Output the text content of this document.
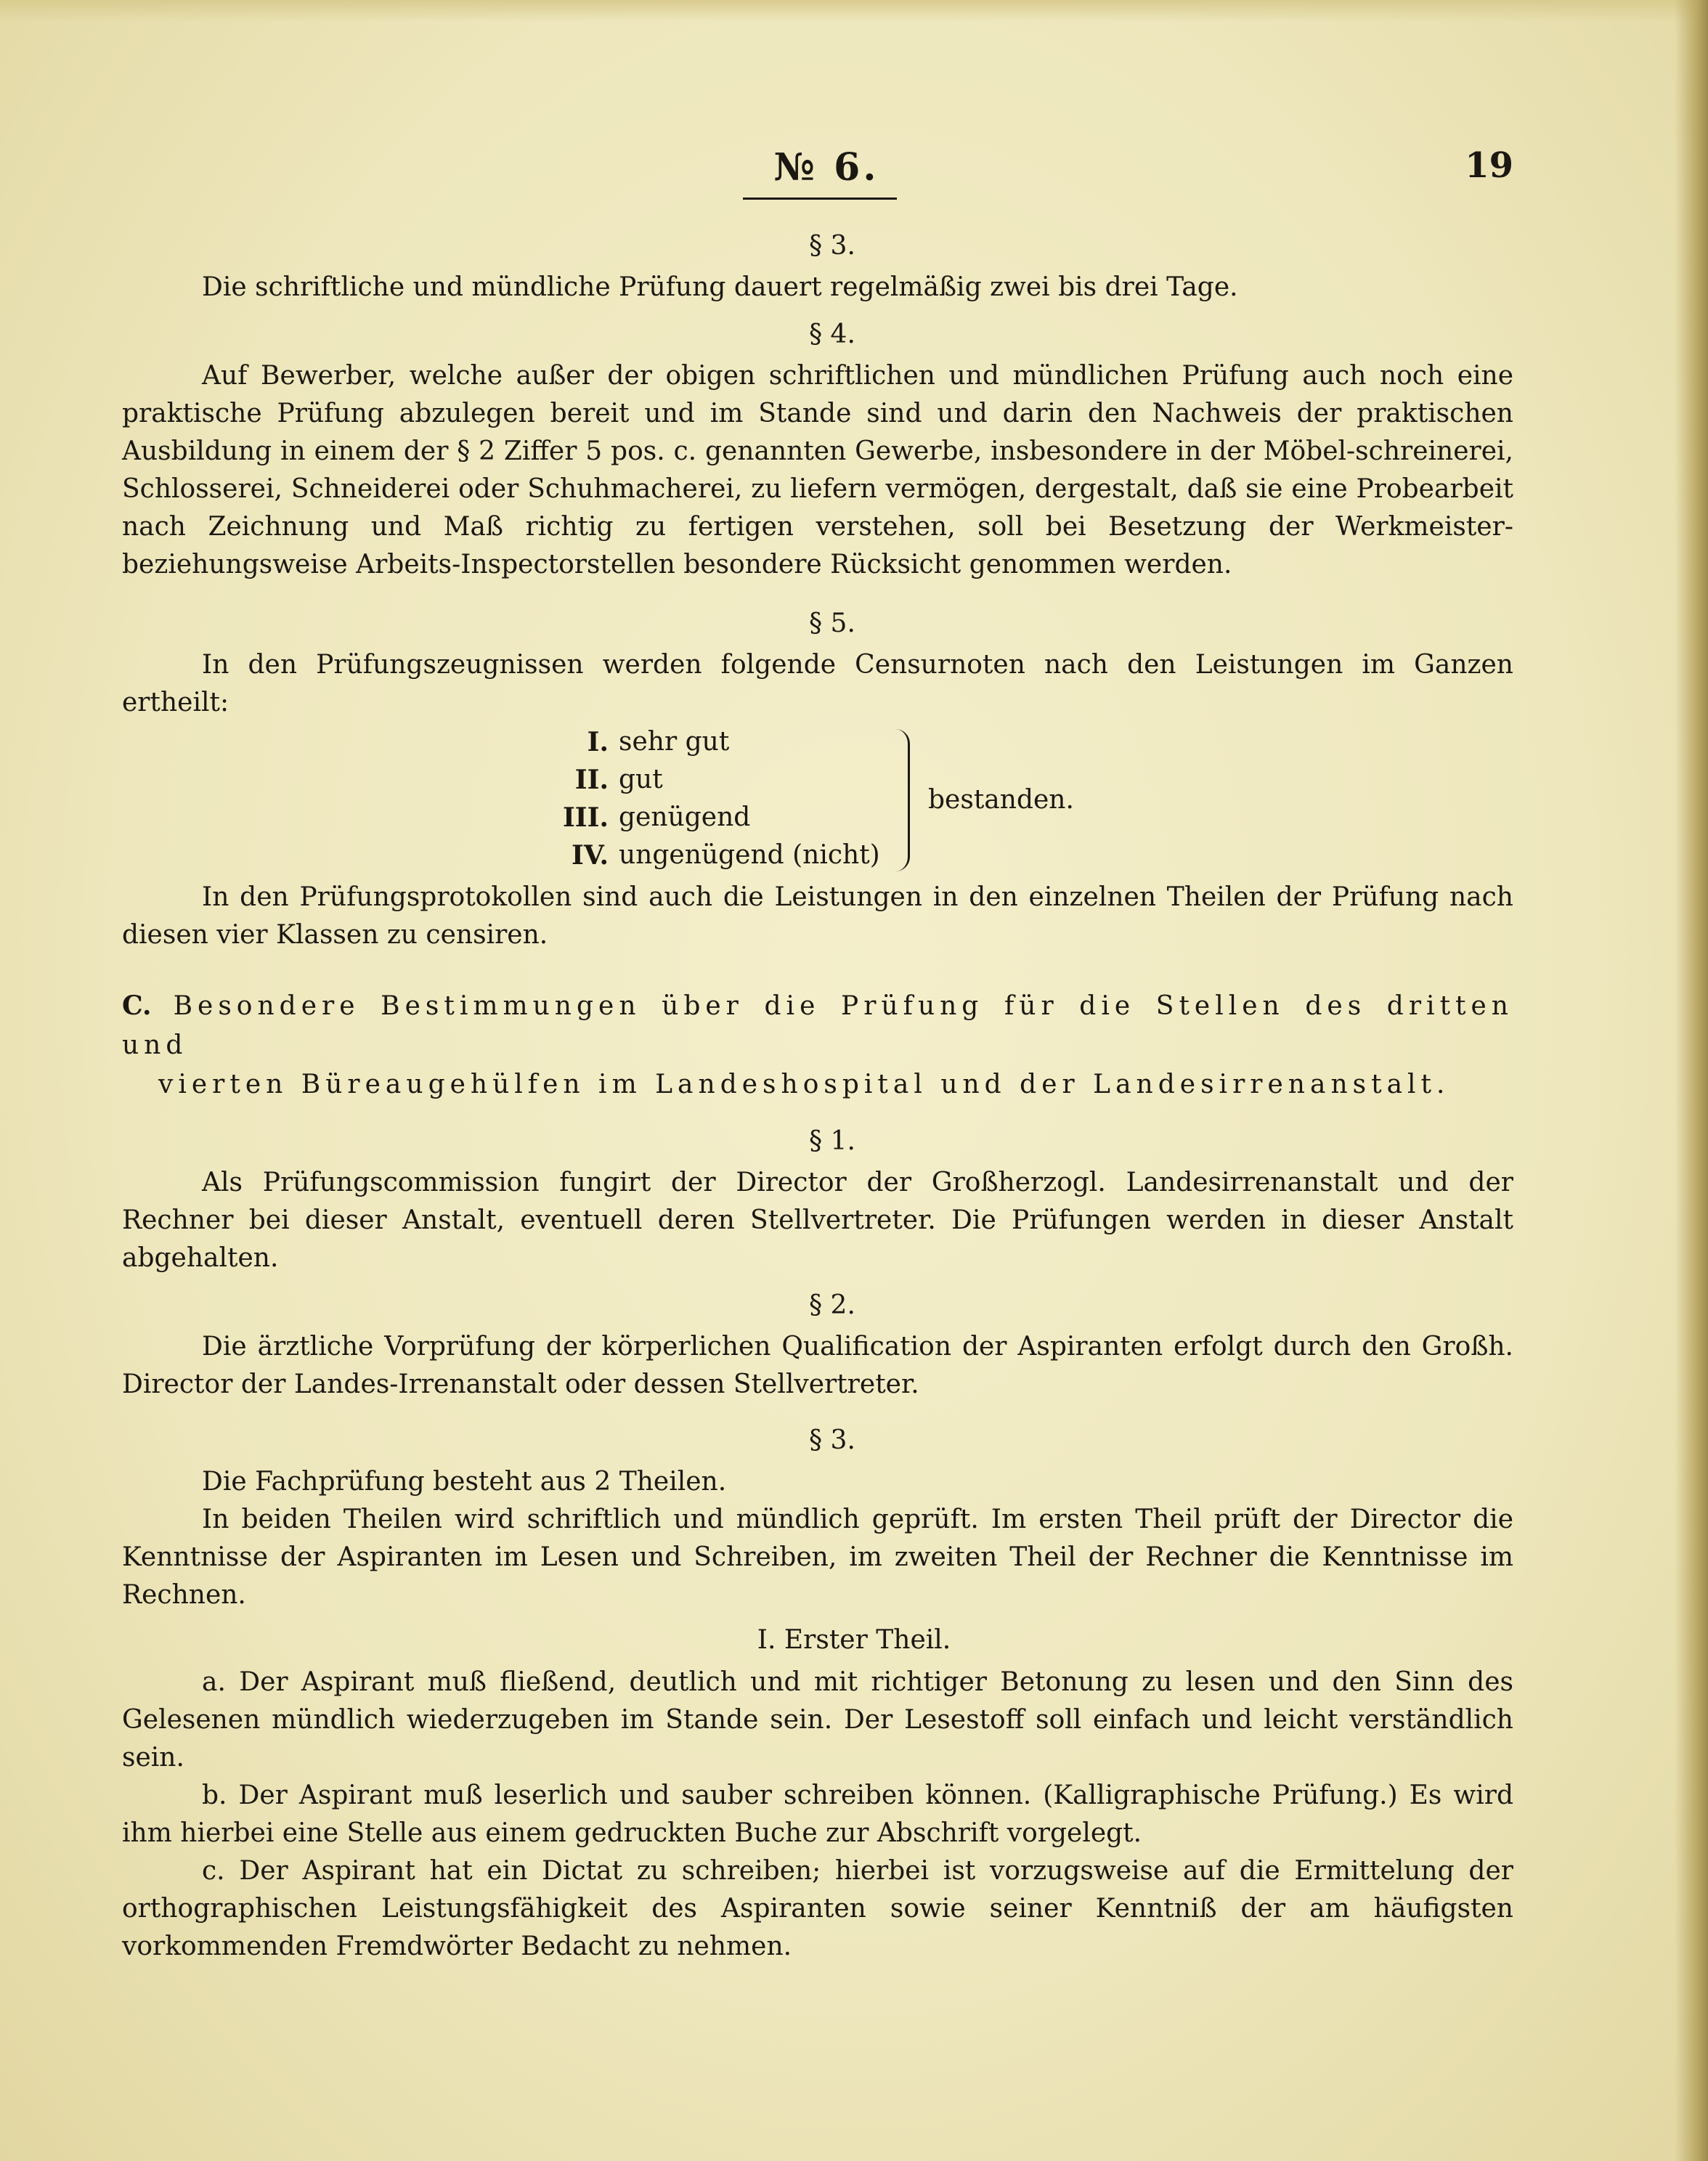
№ 6.	19
§ 3.

Die schriftliche und mündliche Prüfung dauert regelmäßig zwei bis drei Tage.

§ 4.

Auf Bewerber, welche außer der obigen schriftlichen und mündlichen Prüfung auch noch eine praktische Prüfung abzulegen bereit und im Stande sind und darin den Nachweis der praktischen Ausbildung in einem der § 2 Ziffer 5 pos. c. genannten Gewerbe, insbesondere in der Möbel-schreinerei, Schlosserei, Schneiderei oder Schuhmacherei, zu liefern vermögen, dergestalt, daß sie eine Probearbeit nach Zeichnung und Maß richtig zu fertigen verstehen, soll bei Besetzung der Werkmeister-beziehungsweise Arbeits-Inspectorstellen besondere Rücksicht genommen werden.

§ 5.

In den Prüfungszeugnissen werden folgende Censurnoten nach den Leistungen im Ganzen ertheilt:

I. sehr gut
II. gut
III. genügend
IV. ungenügend (nicht)
bestanden.

In den Prüfungsprotokollen sind auch die Leistungen in den einzelnen Theilen der Prüfung nach diesen vier Klassen zu censiren.

C. Besondere Bestimmungen über die Prüfung für die Stellen des dritten und
vierten Büreaugehülfen im Landeshospital und der Landesirrenanstalt.
§ 1.

Als Prüfungscommission fungirt der Director der Großherzogl. Landesirrenanstalt und der Rechner bei dieser Anstalt, eventuell deren Stellvertreter. Die Prüfungen werden in dieser Anstalt abgehalten.

§ 2.

Die ärztliche Vorprüfung der körperlichen Qualification der Aspiranten erfolgt durch den Großh. Director der Landes-Irrenanstalt oder dessen Stellvertreter.

§ 3.

Die Fachprüfung besteht aus 2 Theilen.

In beiden Theilen wird schriftlich und mündlich geprüft. Im ersten Theil prüft der Director die Kenntnisse der Aspiranten im Lesen und Schreiben, im zweiten Theil der Rechner die Kenntnisse im Rechnen.

I. Erster Theil.

a. Der Aspirant muß fließend, deutlich und mit richtiger Betonung zu lesen und den Sinn des Gelesenen mündlich wiederzugeben im Stande sein. Der Lesestoff soll einfach und leicht verständlich sein.

b. Der Aspirant muß leserlich und sauber schreiben können. (Kalligraphische Prüfung.) Es wird ihm hierbei eine Stelle aus einem gedruckten Buche zur Abschrift vorgelegt.

c. Der Aspirant hat ein Dictat zu schreiben; hierbei ist vorzugsweise auf die Ermittelung der orthographischen Leistungsfähigkeit des Aspiranten sowie seiner Kenntniß der am häufigsten vorkommenden Fremdwörter Bedacht zu nehmen.
